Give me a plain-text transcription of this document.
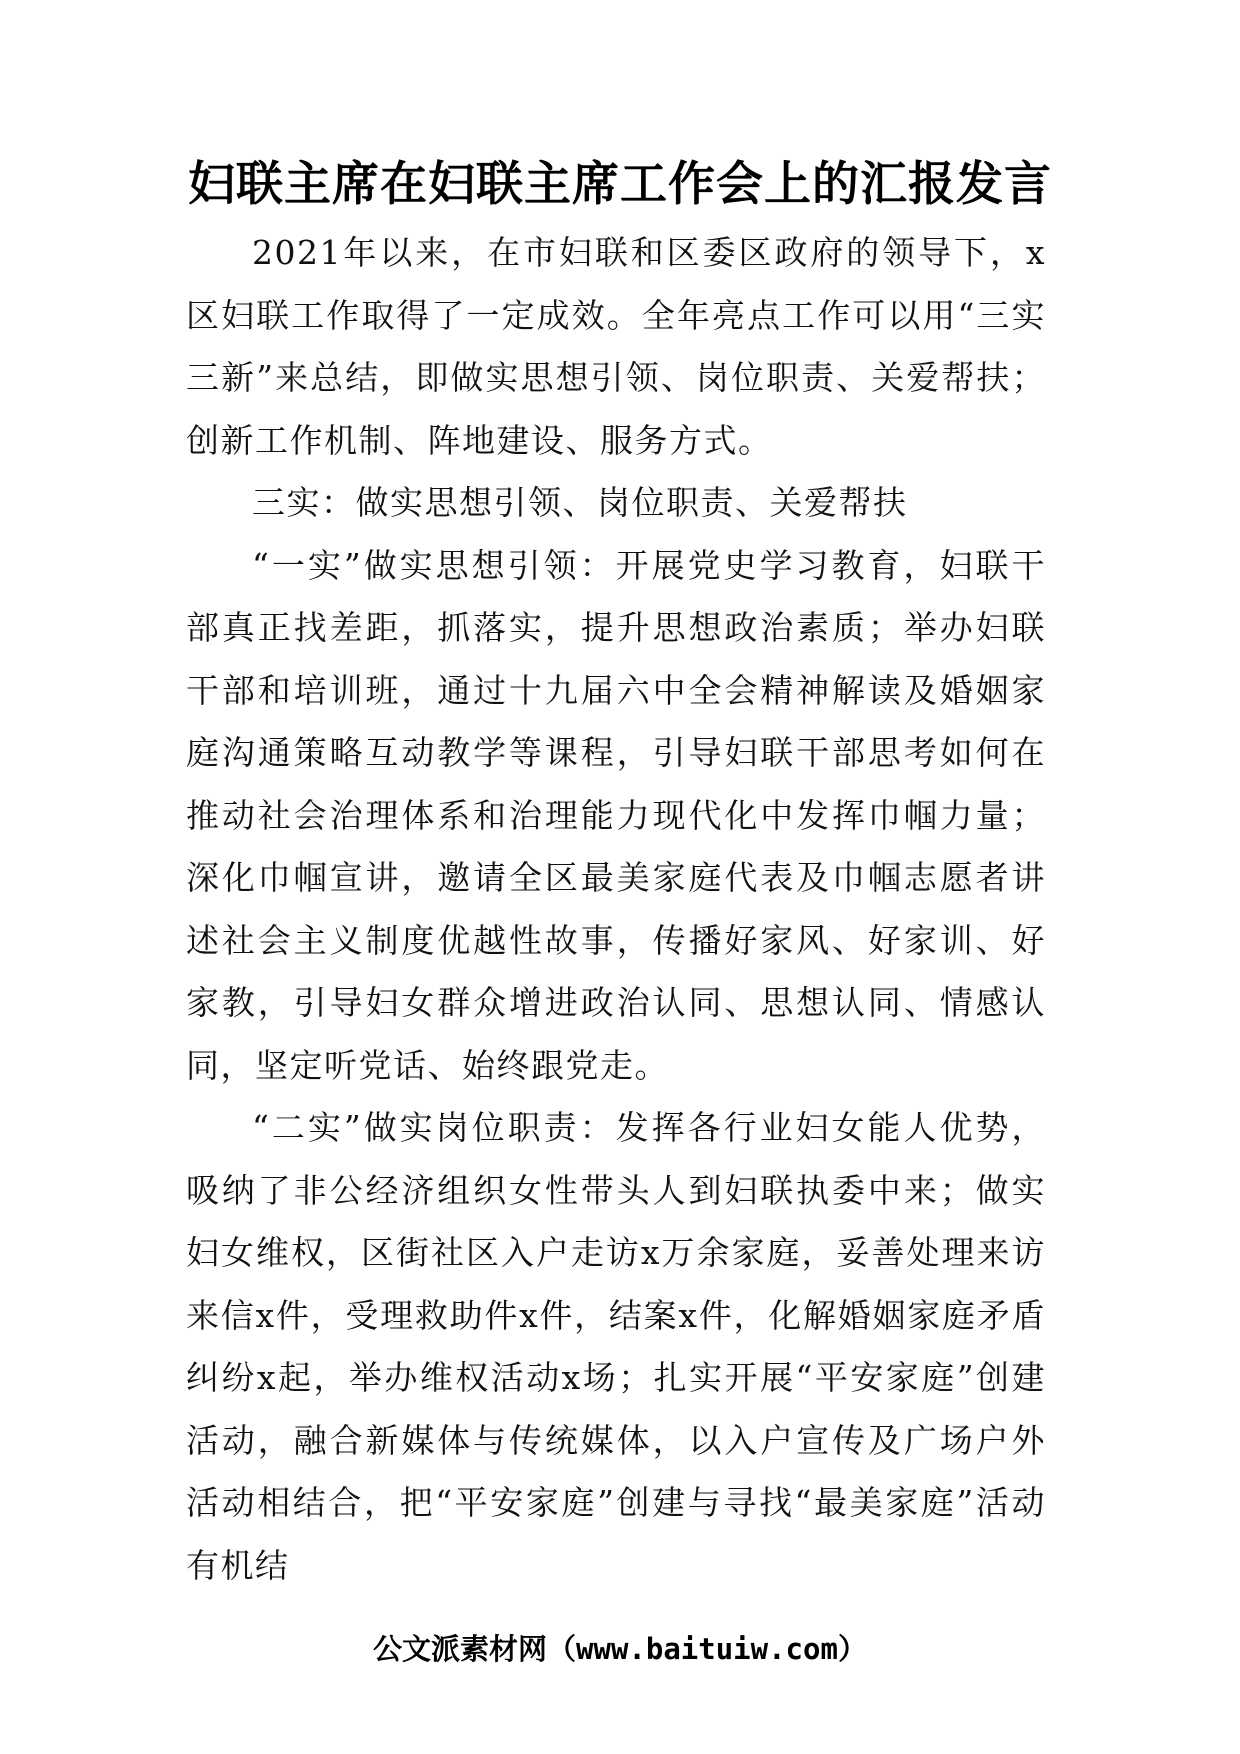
妇联主席在妇联主席工作会上的汇报发言

2021年以来，在市妇联和区委区政府的领导下，x区妇联工作取得了一定成效。全年亮点工作可以用“三实三新”来总结，即做实思想引领、岗位职责、关爱帮扶；创新工作机制、阵地建设、服务方式。

三实：做实思想引领、岗位职责、关爱帮扶

“一实”做实思想引领：开展党史学习教育，妇联干部真正找差距，抓落实，提升思想政治素质；举办妇联干部和培训班，通过十九届六中全会精神解读及婚姻家庭沟通策略互动教学等课程，引导妇联干部思考如何在推动社会治理体系和治理能力现代化中发挥巾帼力量；深化巾帼宣讲，邀请全区最美家庭代表及巾帼志愿者讲述社会主义制度优越性故事，传播好家风、好家训、好家教，引导妇女群众增进政治认同、思想认同、情感认同，坚定听党话、始终跟党走。

“二实”做实岗位职责：发挥各行业妇女能人优势，吸纳了非公经济组织女性带头人到妇联执委中来；做实妇女维权，区街社区入户走访x万余家庭，妥善处理来访来信x件，受理救助件x件，结案x件，化解婚姻家庭矛盾纠纷x起，举办维权活动x场；扎实开展“平安家庭”创建活动，融合新媒体与传统媒体，以入户宣传及广场户外活动相结合，把“平安家庭”创建与寻找“最美家庭”活动有机结

公文派素材网（www.baituiw.com）
